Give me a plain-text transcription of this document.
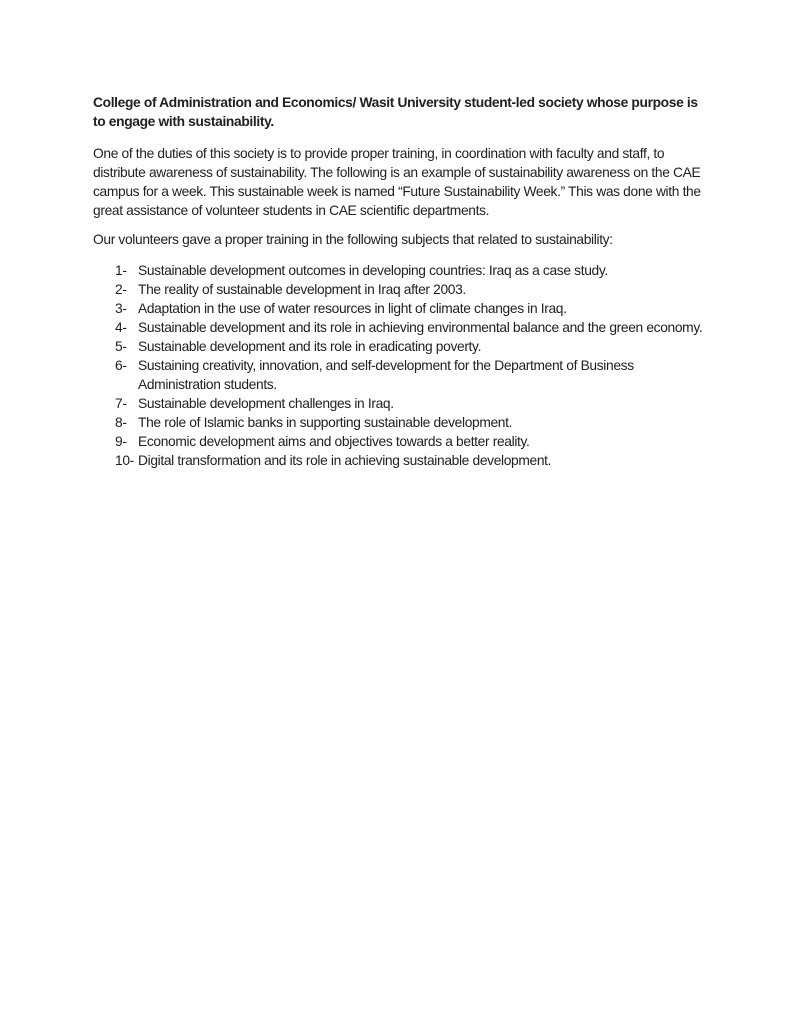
College of Administration and Economics/ Wasit University student-led society whose purpose is to engage with sustainability.

One of the duties of this society is to provide proper training, in coordination with faculty and staff, to distribute awareness of sustainability. The following is an example of sustainability awareness on the CAE campus for a week. This sustainable week is named “Future Sustainability Week.” This was done with the great assistance of volunteer students in CAE scientific departments.

Our volunteers gave a proper training in the following subjects that related to sustainability:

1- Sustainable development outcomes in developing countries: Iraq as a case study.
2- The reality of sustainable development in Iraq after 2003.
3- Adaptation in the use of water resources in light of climate changes in Iraq.
4- Sustainable development and its role in achieving environmental balance and the green economy.
5- Sustainable development and its role in eradicating poverty.
6- Sustaining creativity, innovation, and self-development for the Department of Business Administration students.
7- Sustainable development challenges in Iraq.
8- The role of Islamic banks in supporting sustainable development.
9- Economic development aims and objectives towards a better reality.
10- Digital transformation and its role in achieving sustainable development.
